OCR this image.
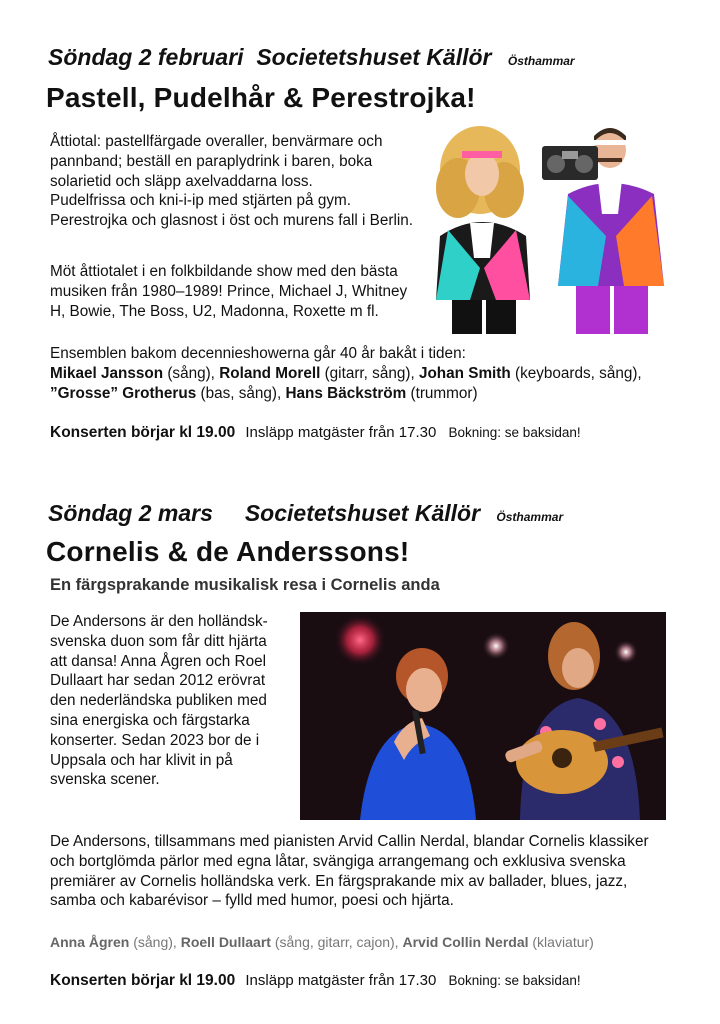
Söndag 2 februari Societetshuset Källör Östhammar
Pastell, Pudelhår & Perestrojka!

Åttiotal: pastellfärgade overaller, benvärmare och

pannband; beställ en paraplydrink i baren, boka

solarietid och släpp axelvaddarna loss.

Pudelfrissa och kni-i-ip med stjärten på gym.

Perestrojka och glasnost i öst och murens fall i Berlin.

Möt åttiotalet i en folkbildande show med den bästa

musiken från 1980–1989! Prince, Michael J, Whitney

H, Bowie, The Boss, U2, Madonna, Roxette m fl.

Ensemblen bakom decennieshowerna går 40 år bakåt i tiden:

Mikael Jansson (sång), Roland Morell (gitarr, sång), Johan Smith (keyboards, sång),

”Grosse” Grotherus (bas, sång), Hans Bäckström (trummor)

Konserten börjar kl 19.00 Insläpp matgäster från 17.30 Bokning: se baksidan!
Söndag 2 mars Societetshuset Källör Östhammar
Cornelis & de Anderssons!
En färgsprakande musikalisk resa i Cornelis anda

De Andersons är den holländsk-

svenska duon som får ditt hjärta

att dansa! Anna Ågren och Roel

Dullaart har sedan 2012 erövrat

den nederländska publiken med

sina energiska och färgstarka

konserter. Sedan 2023 bor de i

Uppsala och har klivit in på

svenska scener.

De Andersons, tillsammans med pianisten Arvid Callin Nerdal, blandar Cornelis klassiker

och bortglömda pärlor med egna låtar, svängiga arrangemang och exklusiva svenska

premiärer av Cornelis holländska verk. En färgsprakande mix av ballader, blues, jazz,

samba och kabarévisor – fylld med humor, poesi och hjärta.

Anna Ågren (sång), Roell Dullaart (sång, gitarr, cajon), Arvid Collin Nerdal (klaviatur)
Konserten börjar kl 19.00 Insläpp matgäster från 17.30 Bokning: se baksidan!
